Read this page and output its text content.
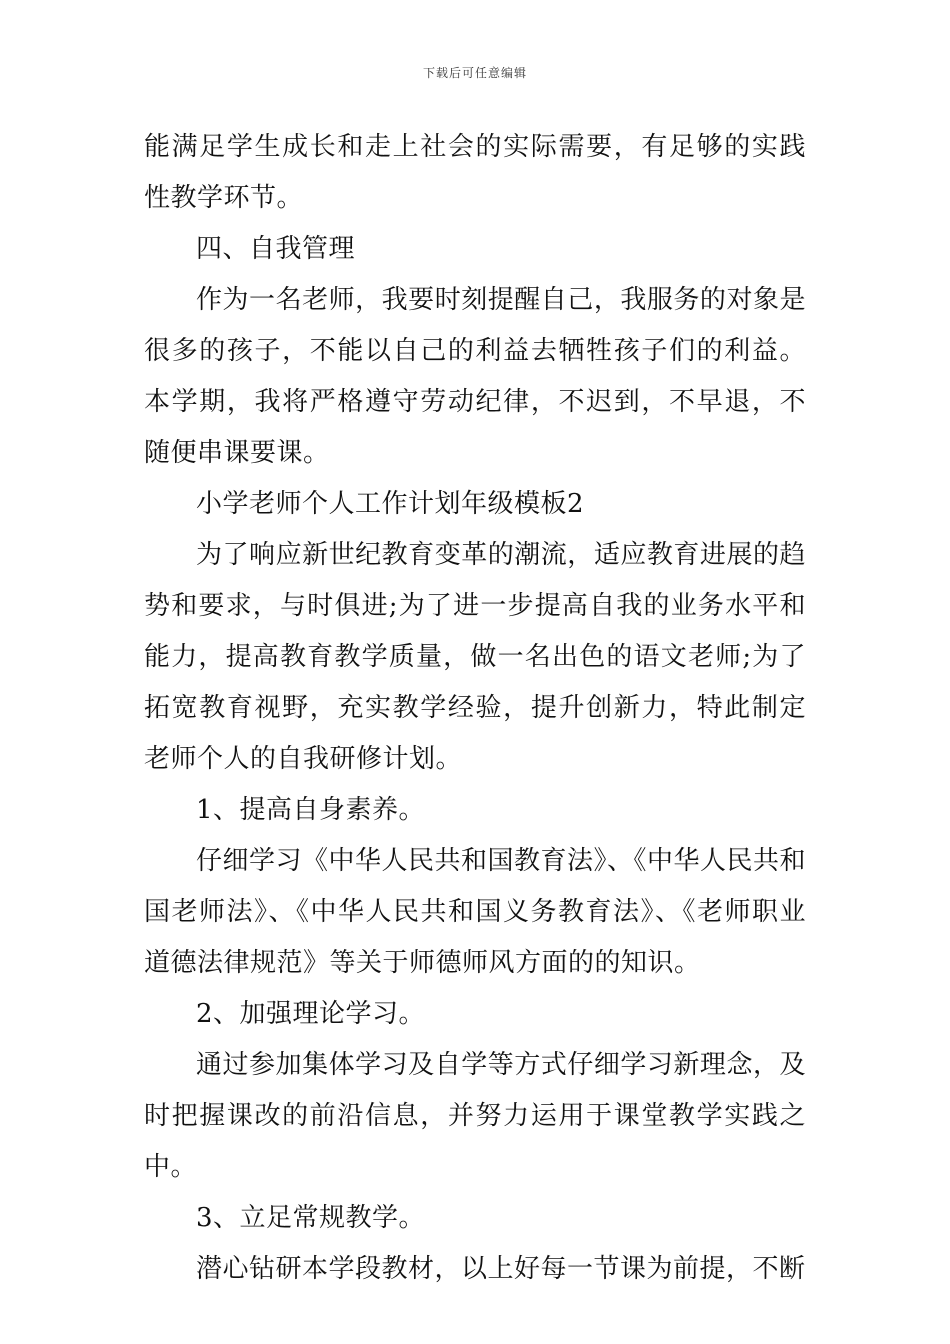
下载后可任意编辑

能满足学生成长和走上社会的实际需要，有足够的实践性教学环节。

四、自我管理

作为一名老师，我要时刻提醒自己，我服务的对象是很多的孩子，不能以自己的利益去牺牲孩子们的利益。本学期，我将严格遵守劳动纪律，不迟到，不早退，不随便串课要课。

小学老师个人工作计划年级模板2

为了响应新世纪教育变革的潮流，适应教育进展的趋势和要求，与时俱进;为了进一步提高自我的业务水平和能力，提高教育教学质量，做一名出色的语文老师;为了拓宽教育视野，充实教学经验，提升创新力，特此制定老师个人的自我研修计划。

1、提高自身素养。

仔细学习《中华人民共和国教育法》、《中华人民共和国老师法》、《中华人民共和国义务教育法》、《老师职业道德法律规范》等关于师德师风方面的的知识。

2、加强理论学习。

通过参加集体学习及自学等方式仔细学习新理念，及时把握课改的前沿信息，并努力运用于课堂教学实践之中。

3、立足常规教学。

潜心钻研本学段教材，以上好每一节课为前提，不断
